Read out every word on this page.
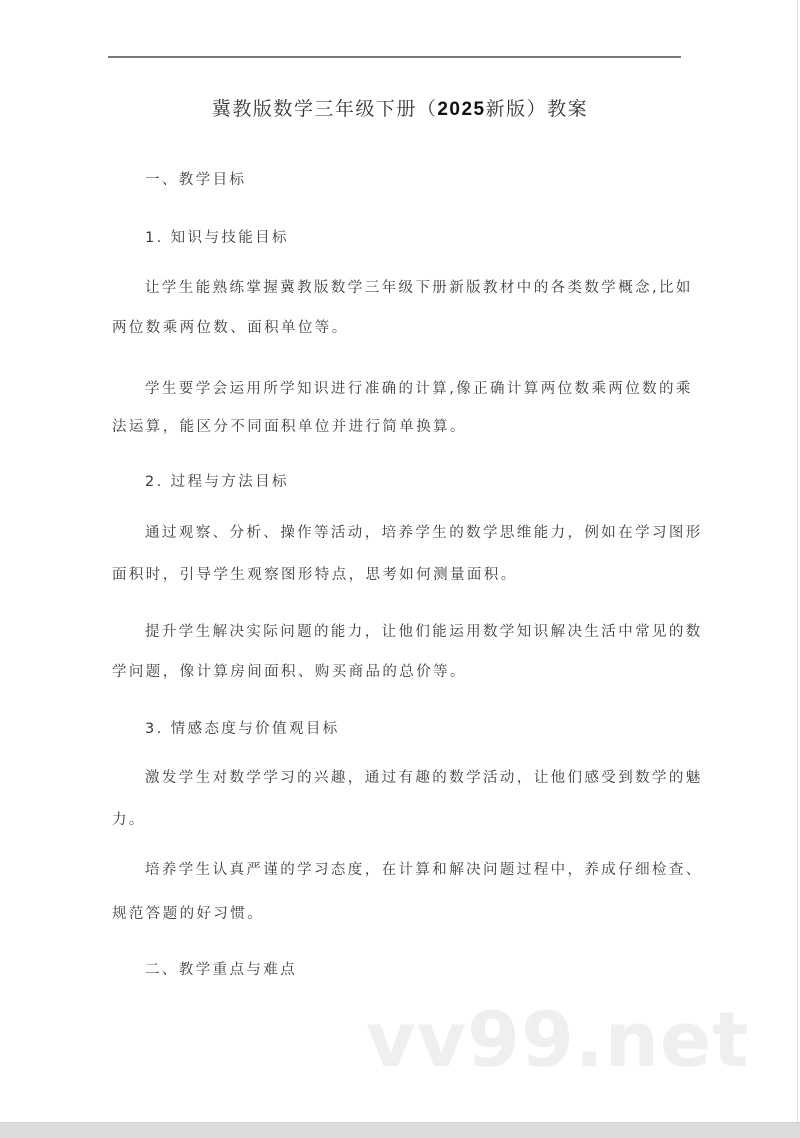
冀教版数学三年级下册（2025新版）教案
一、教学目标
1. 知识与技能目标
让学生能熟练掌握冀教版数学三年级下册新版教材中的各类数学概念,比如
两位数乘两位数、面积单位等。
学生要学会运用所学知识进行准确的计算,像正确计算两位数乘两位数的乘
法运算，能区分不同面积单位并进行简单换算。
2. 过程与方法目标
通过观察、分析、操作等活动，培养学生的数学思维能力，例如在学习图形
面积时，引导学生观察图形特点，思考如何测量面积。
提升学生解决实际问题的能力，让他们能运用数学知识解决生活中常见的数
学问题，像计算房间面积、购买商品的总价等。
3. 情感态度与价值观目标
激发学生对数学学习的兴趣，通过有趣的数学活动，让他们感受到数学的魅
力。
培养学生认真严谨的学习态度，在计算和解决问题过程中，养成仔细检查、
规范答题的好习惯。
二、教学重点与难点
vv99.net
